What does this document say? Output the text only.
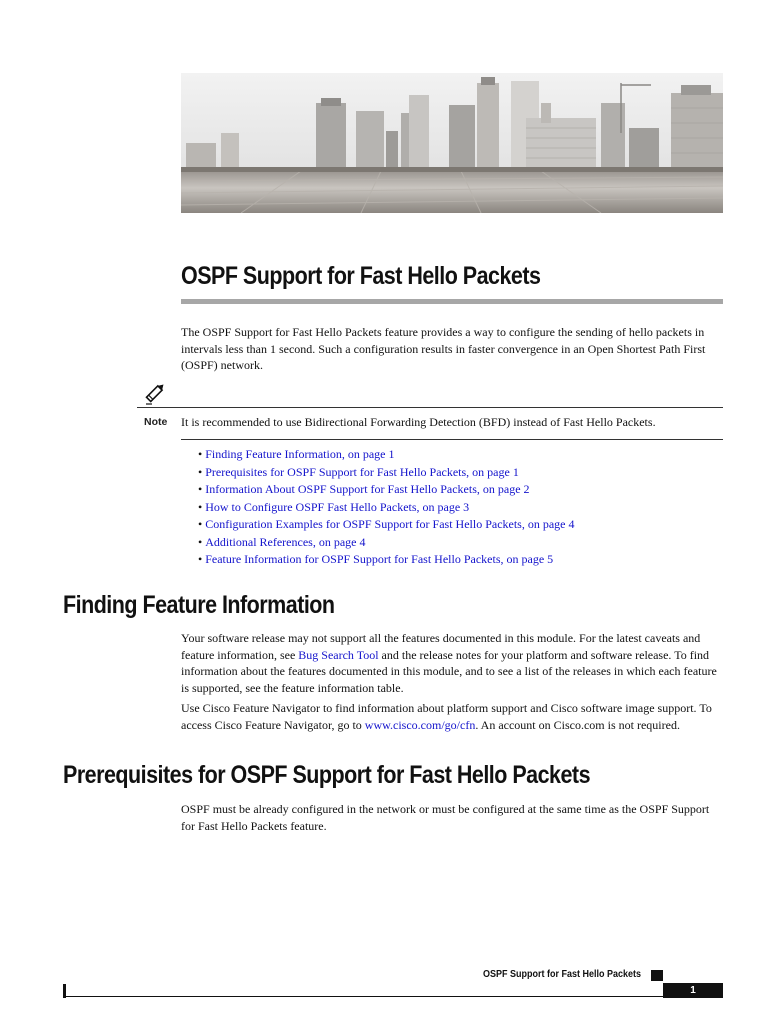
OSPF Support for Fast Hello Packets
The OSPF Support for Fast Hello Packets feature provides a way to configure the sending of hello packets in intervals less than 1 second. Such a configuration results in faster convergence in an Open Shortest Path First (OSPF) network.
Note It is recommended to use Bidirectional Forwarding Detection (BFD) instead of Fast Hello Packets.
• Finding Feature Information, on page 1
• Prerequisites for OSPF Support for Fast Hello Packets, on page 1
• Information About OSPF Support for Fast Hello Packets, on page 2
• How to Configure OSPF Fast Hello Packets, on page 3
• Configuration Examples for OSPF Support for Fast Hello Packets, on page 4
• Additional References, on page 4
• Feature Information for OSPF Support for Fast Hello Packets, on page 5
Finding Feature Information
Your software release may not support all the features documented in this module. For the latest caveats and feature information, see Bug Search Tool and the release notes for your platform and software release. To find information about the features documented in this module, and to see a list of the releases in which each feature is supported, see the feature information table.
Use Cisco Feature Navigator to find information about platform support and Cisco software image support. To access Cisco Feature Navigator, go to www.cisco.com/go/cfn. An account on Cisco.com is not required.
Prerequisites for OSPF Support for Fast Hello Packets
OSPF must be already configured in the network or must be configured at the same time as the OSPF Support for Fast Hello Packets feature.
OSPF Support for Fast Hello Packets
1
